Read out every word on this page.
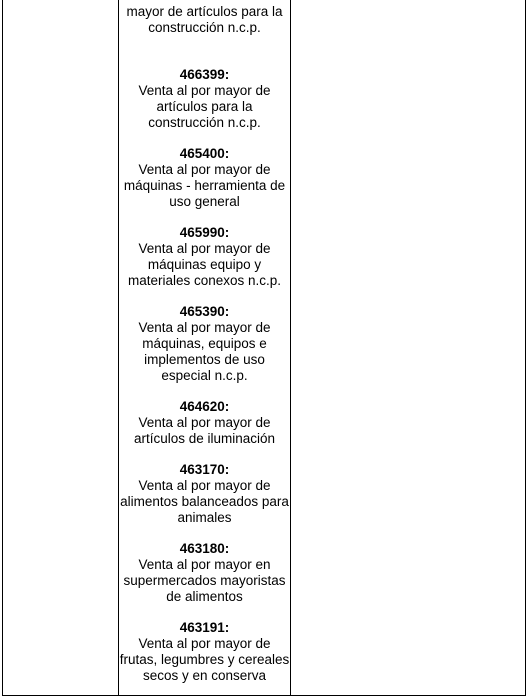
mayor de artículos para la construcción n.c.p.
466399:
Venta al por mayor de artículos para la construcción n.c.p.
465400:
Venta al por mayor de máquinas - herramienta de uso general
465990:
Venta al por mayor de máquinas equipo y materiales conexos n.c.p.
465390:
Venta al por mayor de máquinas, equipos e implementos de uso especial n.c.p.
464620:
Venta al por mayor de artículos de iluminación
463170:
Venta al por mayor de alimentos balanceados para animales
463180:
Venta al por mayor en supermercados mayoristas de alimentos
463191:
Venta al por mayor de frutas, legumbres y cereales secos y en conserva
